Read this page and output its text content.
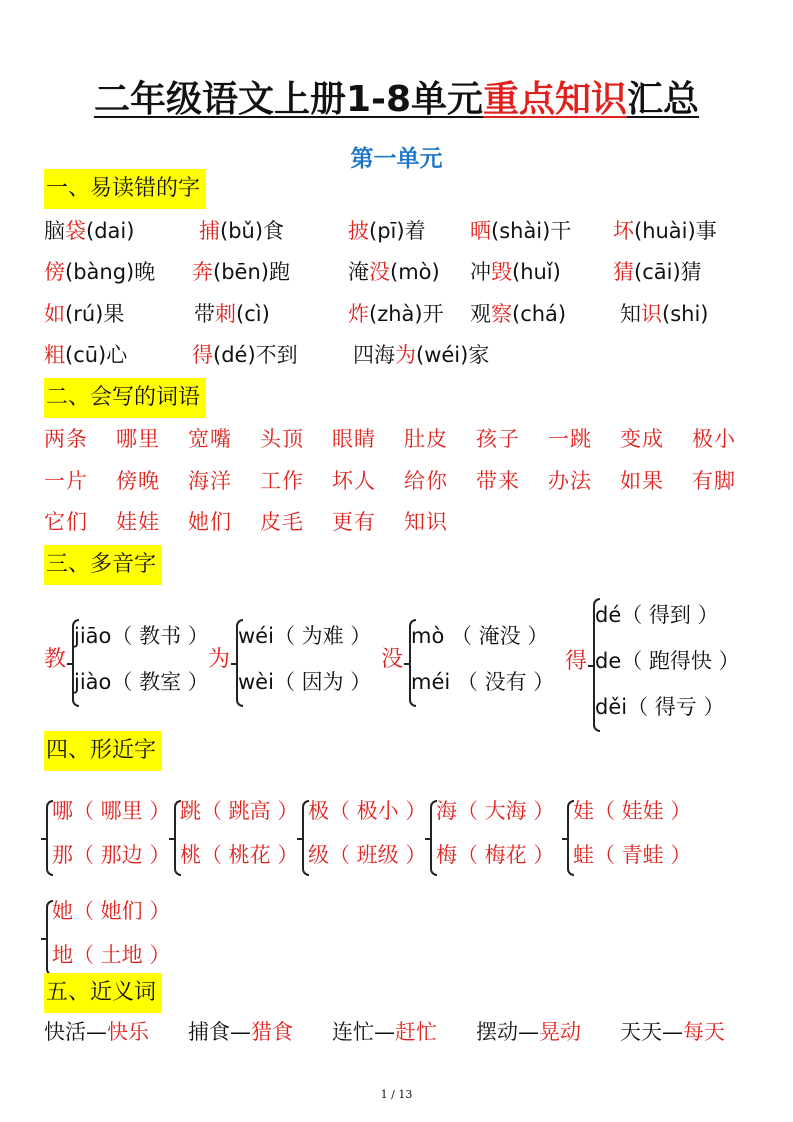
二年级语文上册1-8单元重点知识汇总
第一单元
一、易读错的字
脑袋(dai)	捕(bǔ)食	披(pī)着 晒(shài)干 坏(huài)事
傍(bàng)晚 奔(bēn)跑	淹没(mò) 冲毁(huǐ) 猜(cāi)猜
如(rú)果	带刺(cì)	炸(zhà)开 观察(chá)	知识(shi)
粗(cū)心	得(dé)不到	四海为(wéi)家
二、会写的词语
两条 哪里 宽嘴 头顶 眼睛 肚皮 孩子 一跳 变成 极小
一片 傍晚 海洋 工作 坏人 给你 带来 办法 如果 有脚
它们 娃娃 她们 皮毛 更有 知识
三、多音字
教
jiāo（ 教书 ）
jiào（ 教室 ）
为
wéi（ 为难 ）
wèi（ 因为 ）
没
mò （ 淹没 ）
méi （ 没有 ）
得
dé（ 得到 ）
de（ 跑得快 ）
děi（ 得亏 ）
四、形近字
哪（ 哪里 ）
那（ 那边 ）
跳（ 跳高 ）
桃（ 桃花 ）
极（ 极小 ）
级（ 班级 ）
海（ 大海 ）
梅（ 梅花 ）
娃（ 娃娃 ）
蛙（ 青蛙 ）
她（ 她们 ）
地（ 土地 ）
五、近义词
快活—快乐 捕食—猎食 连忙—赶忙 摆动—晃动 天天—每天
1 / 13
